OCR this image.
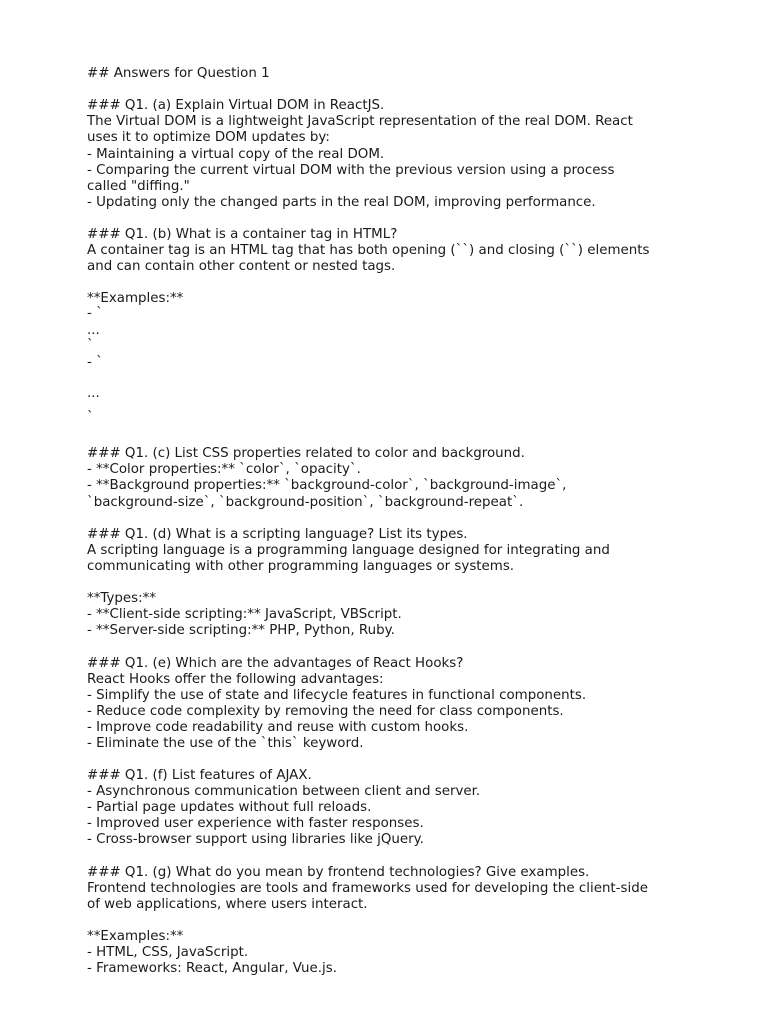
## Answers for Question 1
### Q1. (a) Explain Virtual DOM in ReactJS.
The Virtual DOM is a lightweight JavaScript representation of the real DOM. React
uses it to optimize DOM updates by:
- Maintaining a virtual copy of the real DOM.
- Comparing the current virtual DOM with the previous version using a process
called "diffing."
- Updating only the changed parts in the real DOM, improving performance.
### Q1. (b) What is a container tag in HTML?
A container tag is an HTML tag that has both opening (``) and closing (``) elements
and can contain other content or nested tags.
**Examples:**
- `
...
`
- `
...
`
### Q1. (c) List CSS properties related to color and background.
- **Color properties:** `color`, `opacity`.
- **Background properties:** `background-color`, `background-image`,
`background-size`, `background-position`, `background-repeat`.
### Q1. (d) What is a scripting language? List its types.
A scripting language is a programming language designed for integrating and
communicating with other programming languages or systems.
**Types:**
- **Client-side scripting:** JavaScript, VBScript.
- **Server-side scripting:** PHP, Python, Ruby.
### Q1. (e) Which are the advantages of React Hooks?
React Hooks offer the following advantages:
- Simplify the use of state and lifecycle features in functional components.
- Reduce code complexity by removing the need for class components.
- Improve code readability and reuse with custom hooks.
- Eliminate the use of the `this` keyword.
### Q1. (f) List features of AJAX.
- Asynchronous communication between client and server.
- Partial page updates without full reloads.
- Improved user experience with faster responses.
- Cross-browser support using libraries like jQuery.
### Q1. (g) What do you mean by frontend technologies? Give examples.
Frontend technologies are tools and frameworks used for developing the client-side
of web applications, where users interact.
**Examples:**
- HTML, CSS, JavaScript.
- Frameworks: React, Angular, Vue.js.
